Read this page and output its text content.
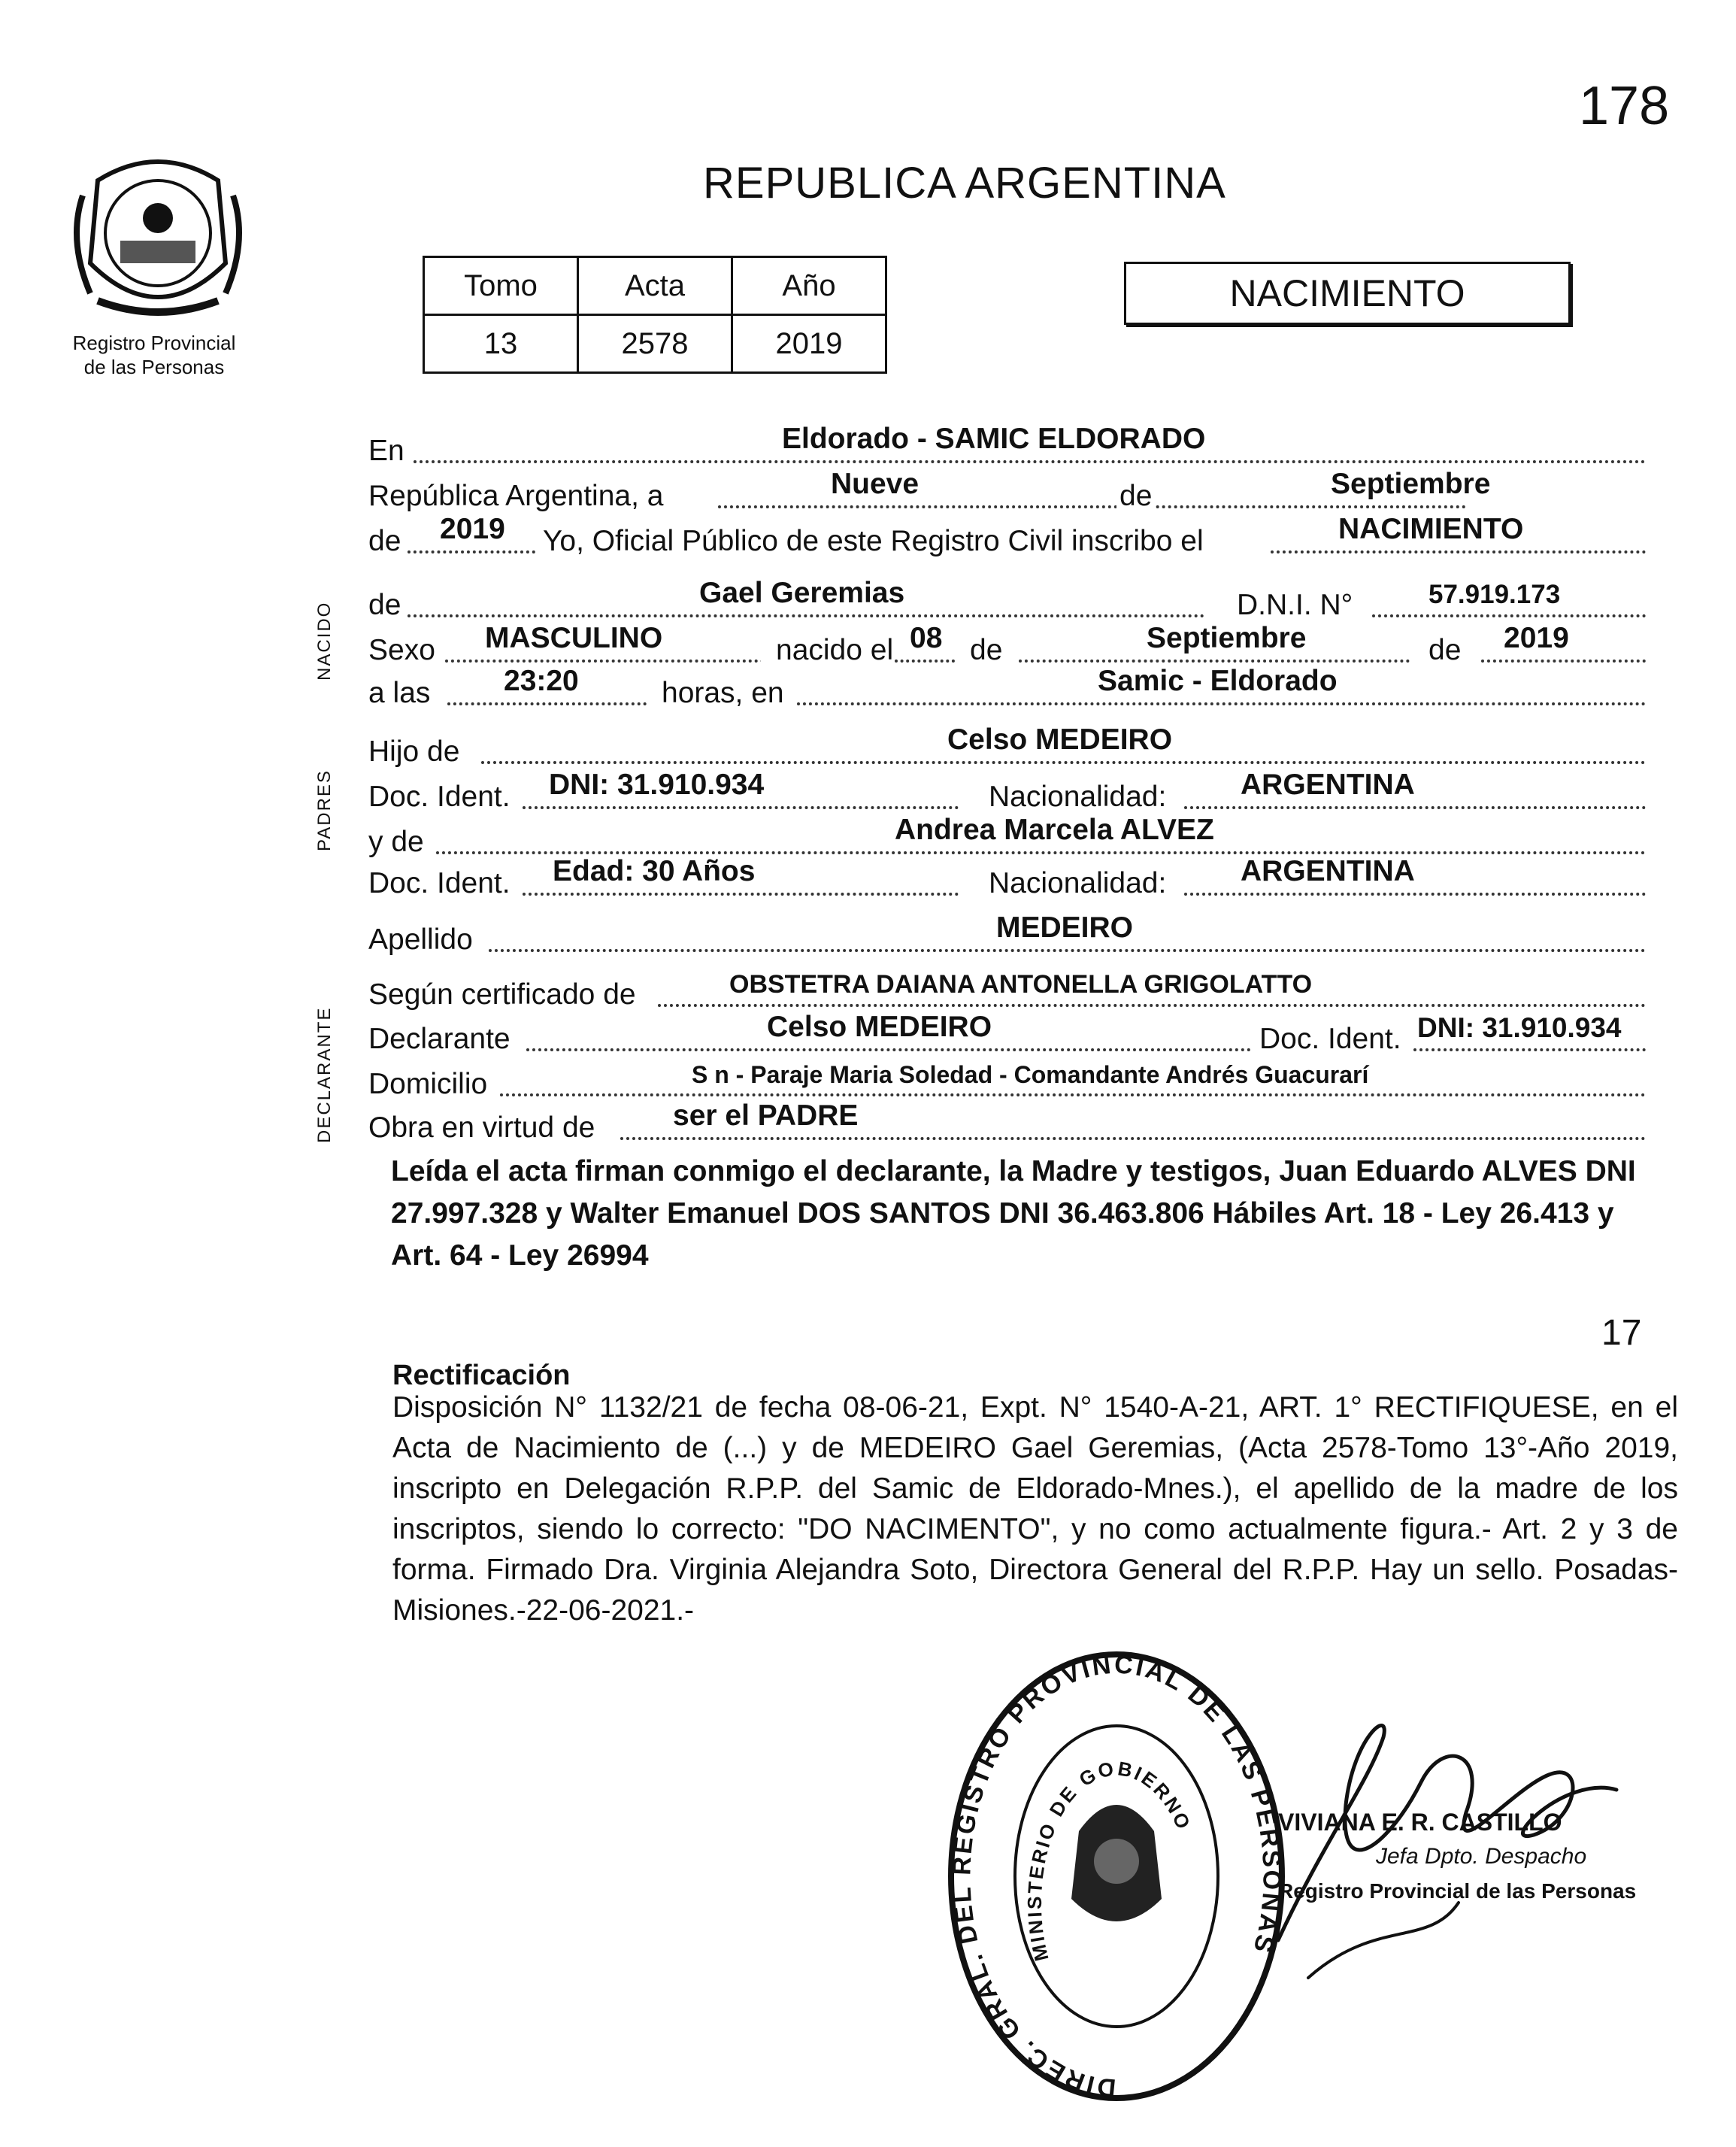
178
Registro Provincial
de las Personas
REPUBLICA ARGENTINA
Tomo	Acta	Año
13	2578	2019
NACIMIENTO
NACIDO
PADRES
DECLARANTE
En	Eldorado - SAMIC ELDORADO
República Argentina, a	Nueve	de	Septiembre
de 2019 Yo, Oficial Público de este Registro Civil inscribo el	NACIMIENTO
de	Gael Geremias	D.N.I. N°	57.919.173
Sexo MASCULINO	nacido el 08 de	Septiembre	de 2019
a las	23:20	horas, en	Samic - Eldorado
Hijo de	Celso MEDEIRO
Doc. Ident. DNI: 31.910.934	Nacionalidad:	ARGENTINA
y de	Andrea Marcela ALVEZ
Doc. Ident. Edad: 30 Años	Nacionalidad:	ARGENTINA
Apellido	MEDEIRO
Según certificado de	OBSTETRA DAIANA ANTONELLA GRIGOLATTO
Declarante	Celso MEDEIRO	Doc. Ident. DNI: 31.910.934
Domicilio	S n - Paraje Maria Soledad - Comandante Andrés Guacurarí
Obra en virtud de	ser el PADRE
Leída el acta firman conmigo el declarante, la Madre y testigos, Juan Eduardo ALVES DNI 27.997.328 y Walter Emanuel DOS SANTOS DNI 36.463.806 Hábiles Art. 18 - Ley 26.413 y Art. 64 - Ley 26994
17
Rectificación
Disposición N° 1132/21 de fecha 08-06-21, Expt. N° 1540-A-21, ART. 1° RECTIFIQUESE, en el Acta de Nacimiento de (...) y de MEDEIRO Gael Geremias, (Acta 2578-Tomo 13°-Año 2019, inscripto en Delegación R.P.P. del Samic de Eldorado-Mnes.), el apellido de la madre de los inscriptos, siendo lo correcto: "DO NACIMENTO", y no como actualmente figura.- Art. 2 y 3 de forma. Firmado Dra. Virginia Alejandra Soto, Directora General del R.P.P. Hay un sello. Posadas-Misiones.-22-06-2021.-
DIREC. GRAL. DEL REGISTRO PROVINCIAL DE LAS PERSONAS
MINISTERIO DE GOBIERNO	VIVIANA E. R. CASTILLO
Jefa Dpto. Despacho
Registro Provincial de las Personas
